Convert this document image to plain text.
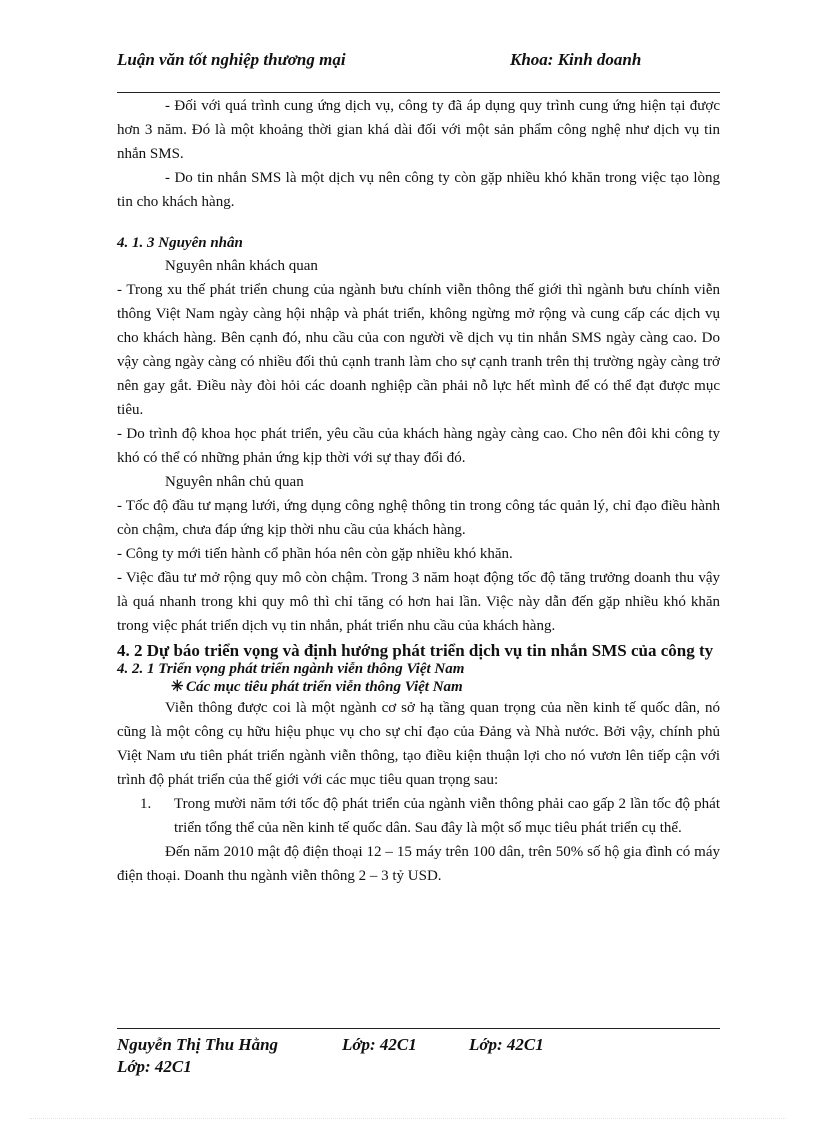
Luận văn tốt nghiệp thương mại	Khoa: Kinh doanh

- Đối với quá trình cung ứng dịch vụ, công ty đã áp dụng quy trình cung ứng hiện tại được hơn 3 năm. Đó là một khoảng thời gian khá dài đối với một sản phẩm công nghệ như dịch vụ tin nhắn SMS.

- Do tin nhắn SMS là một dịch vụ nên công ty còn gặp nhiều khó khăn trong việc tạo lòng tin cho khách hàng.

4. 1. 3 Nguyên nhân

Nguyên nhân khách quan

- Trong xu thế phát triển chung của ngành bưu chính viễn thông thế giới thì ngành bưu chính viễn thông Việt Nam ngày càng hội nhập và phát triển, không ngừng mở rộng và cung cấp các dịch vụ cho khách hàng. Bên cạnh đó, nhu cầu của con người về dịch vụ tin nhắn SMS ngày càng cao. Do vậy càng ngày càng có nhiều đối thủ cạnh tranh làm cho sự cạnh tranh trên thị trường ngày càng trở nên gay gắt. Điều này đòi hỏi các doanh nghiệp cần phải nỗ lực hết mình để có thể đạt được mục tiêu.

- Do trình độ khoa học phát triển, yêu cầu của khách hàng ngày càng cao. Cho nên đôi khi công ty khó có thể có những phản ứng kịp thời với sự thay đổi đó.

Nguyên nhân chủ quan

- Tốc độ đầu tư mạng lưới, ứng dụng công nghệ thông tin trong công tác quản lý, chỉ đạo điều hành còn chậm, chưa đáp ứng kịp thời nhu cầu của khách hàng.

- Công ty mới tiến hành cổ phần hóa nên còn gặp nhiều khó khăn.

- Việc đầu tư mở rộng quy mô còn chậm. Trong 3 năm hoạt động tốc độ tăng trưởng doanh thu vậy là quá nhanh trong khi quy mô thì chỉ tăng có hơn hai lần. Việc này dẫn đến gặp nhiều khó khăn trong việc phát triển dịch vụ tin nhắn, phát triển nhu cầu của khách hàng.

4. 2 Dự báo triển vọng và định hướng phát triển dịch vụ tin nhắn SMS của công ty

4. 2. 1 Triển vọng phát triển ngành viễn thông Việt Nam

✳ Các mục tiêu phát triển viễn thông Việt Nam

Viễn thông được coi là một ngành cơ sở hạ tầng quan trọng của nền kinh tế quốc dân, nó cũng là một công cụ hữu hiệu phục vụ cho sự chỉ đạo của Đảng và Nhà nước. Bởi vậy, chính phủ Việt Nam ưu tiên phát triển ngành viễn thông, tạo điều kiện thuận lợi cho nó vươn lên tiếp cận với trình độ phát triển của thế giới với các mục tiêu quan trọng sau:

1.	Trong mười năm tới tốc độ phát triển của ngành viễn thông phải cao gấp 2 lần tốc độ phát triển tổng thể của nền kinh tế quốc dân. Sau đây là một số mục tiêu phát triển cụ thể.

Đến năm 2010 mật độ điện thoại 12 – 15 máy trên 100 dân, trên 50% số hộ gia đình có máy điện thoại. Doanh thu ngành viễn thông 2 – 3 tỷ USD.

Nguyễn Thị Thu Hằng	Lớp: 42C1	Lớp: 42C1
Lớp: 42C1
